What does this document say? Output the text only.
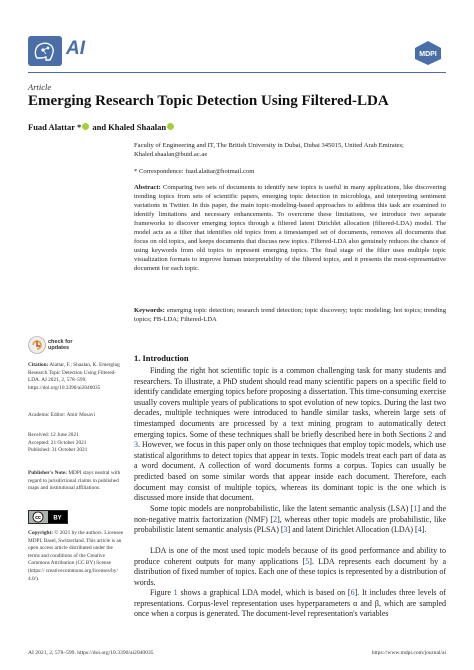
AI	MDPI
Article
Emerging Research Topic Detection Using Filtered-LDA
Fuad Alattar * and Khaled Shaalan
Faculty of Engineering and IT, The British University in Dubai, Dubai 345015, United Arab Emirates;
Khaled.shaalan@buid.ac.ae
* Correspondence: fuad.alattar@hotmail.com
Abstract: Comparing two sets of documents to identify new topics is useful in many applications, like discovering trending topics from sets of scientific papers, emerging topic detection in microblogs, and interpreting sentiment variations in Twitter. In this paper, the main topic-modeling-based approaches to address this task are examined to identify limitations and necessary enhancements. To overcome these limitations, we introduce two separate frameworks to discover emerging topics through a filtered latent Dirichlet allocation (filtered-LDA) model. The model acts as a filter that identifies old topics from a timestamped set of documents, removes all documents that focus on old topics, and keeps documents that discuss new topics. Filtered-LDA also genuinely reduces the chance of using keywords from old topics to represent emerging topics. The final stage of the filter uses multiple topic visualization formats to improve human interpretability of the filtered topics, and it presents the most-representative document for each topic.
Keywords: emerging topic detection; research trend detection; topic discovery; topic modeling; hot topics; trending topics; FB-LDA; Filtered-LDA
check for
updates
Citation: Alattar, F.; Shaalan, K. Emerging Research Topic Detection Using Filtered-LDA. AI 2021, 2, 578–599. https://doi.org/10.3390/ai2040035
Academic Editor: Amir Mosavi
Received: 12 June 2021
Accepted: 21 October 2021
Published: 31 October 2021
Publisher's Note: MDPI stays neutral with regard to jurisdictional claims in published maps and institutional affiliations.
cc BY
Copyright: © 2021 by the authors. Licensee MDPI, Basel, Switzerland. This article is an open access article distributed under the terms and conditions of the Creative Commons Attribution (CC BY) license (https:// creativecommons.org/licenses/by/ 4.0/).
1. Introduction
Finding the right hot scientific topic is a common challenging task for many students and researchers. To illustrate, a PhD student should read many scientific papers on a specific field to identify candidate emerging topics before proposing a dissertation. This time-consuming exercise usually covers multiple years of publications to spot evolution of new topics. During the last two decades, multiple techniques were introduced to handle similar tasks, wherein large sets of timestamped documents are processed by a text mining program to automatically detect emerging topics. Some of these techniques shall be briefly described here in both Sections 2 and 3. However, we focus in this paper only on those techniques that employ topic models, which use statistical algorithms to detect topics that appear in texts. Topic models treat each part of data as a word document. A collection of word documents forms a corpus. Topics can usually be predicted based on some similar words that appear inside each document. Therefore, each document may consist of multiple topics, whereas its dominant topic is the one which is discussed more inside that document.
Some topic models are nonprobabilistic, like the latent semantic analysis (LSA) [1] and the non-negative matrix factorization (NMF) [2], whereas other topic models are probabilistic, like probabilistic latent semantic analysis (PLSA) [3] and latent Dirichlet Allocation (LDA) [4].
LDA is one of the most used topic models because of its good performance and ability to produce coherent outputs for many applications [5]. LDA represents each document by a distribution of fixed number of topics. Each one of these topics is represented by a distribution of words.
Figure 1 shows a graphical LDA model, which is based on [6]. It includes three levels of representations. Corpus-level representation uses hyperparameters α and β, which are sampled once when a corpus is generated. The document-level representation's variables
AI 2021, 2, 578–599. https://doi.org/10.3390/ai2040035	https://www.mdpi.com/journal/ai
